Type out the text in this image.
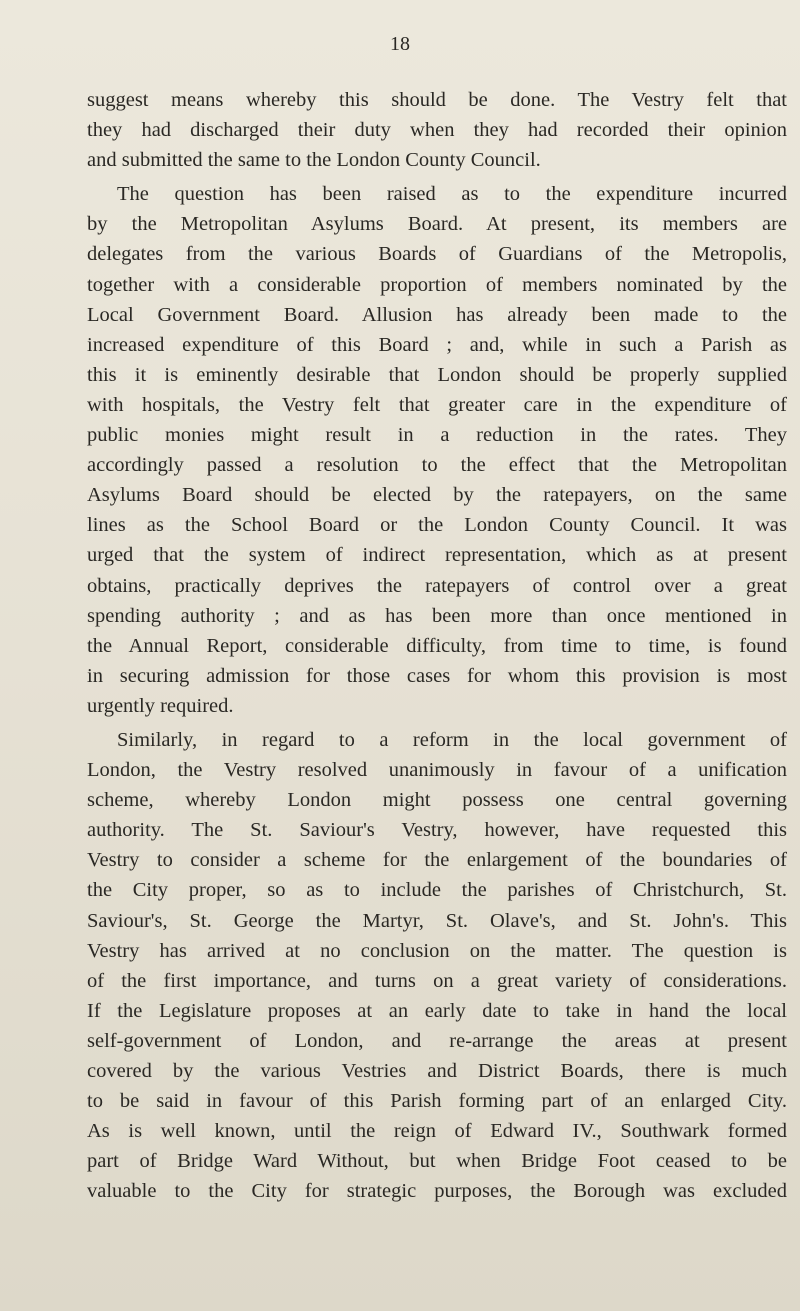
18
suggest means whereby this should be done. The Vestry felt that
they had discharged their duty when they had recorded their opinion
and submitted the same to the London County Council.
The question has been raised as to the expenditure incurred
by the Metropolitan Asylums Board. At present, its members are
delegates from the various Boards of Guardians of the Metropolis,
together with a considerable proportion of members nominated by the
Local Government Board. Allusion has already been made to the
increased expenditure of this Board ; and, while in such a Parish as
this it is eminently desirable that London should be properly supplied
with hospitals, the Vestry felt that greater care in the expenditure of
public monies might result in a reduction in the rates. They
accordingly passed a resolution to the effect that the Metropolitan
Asylums Board should be elected by the ratepayers, on the same
lines as the School Board or the London County Council. It was
urged that the system of indirect representation, which as at present
obtains, practically deprives the ratepayers of control over a great
spending authority ; and as has been more than once mentioned in
the Annual Report, considerable difficulty, from time to time, is found
in securing admission for those cases for whom this provision is most
urgently required.
Similarly, in regard to a reform in the local government of
London, the Vestry resolved unanimously in favour of a unification
scheme, whereby London might possess one central governing
authority. The St. Saviour's Vestry, however, have requested this
Vestry to consider a scheme for the enlargement of the boundaries of
the City proper, so as to include the parishes of Christchurch, St.
Saviour's, St. George the Martyr, St. Olave's, and St. John's. This
Vestry has arrived at no conclusion on the matter. The question is
of the first importance, and turns on a great variety of considerations.
If the Legislature proposes at an early date to take in hand the local
self-government of London, and re-arrange the areas at present
covered by the various Vestries and District Boards, there is much
to be said in favour of this Parish forming part of an enlarged City.
As is well known, until the reign of Edward IV., Southwark formed
part of Bridge Ward Without, but when Bridge Foot ceased to be
valuable to the City for strategic purposes, the Borough was excluded
